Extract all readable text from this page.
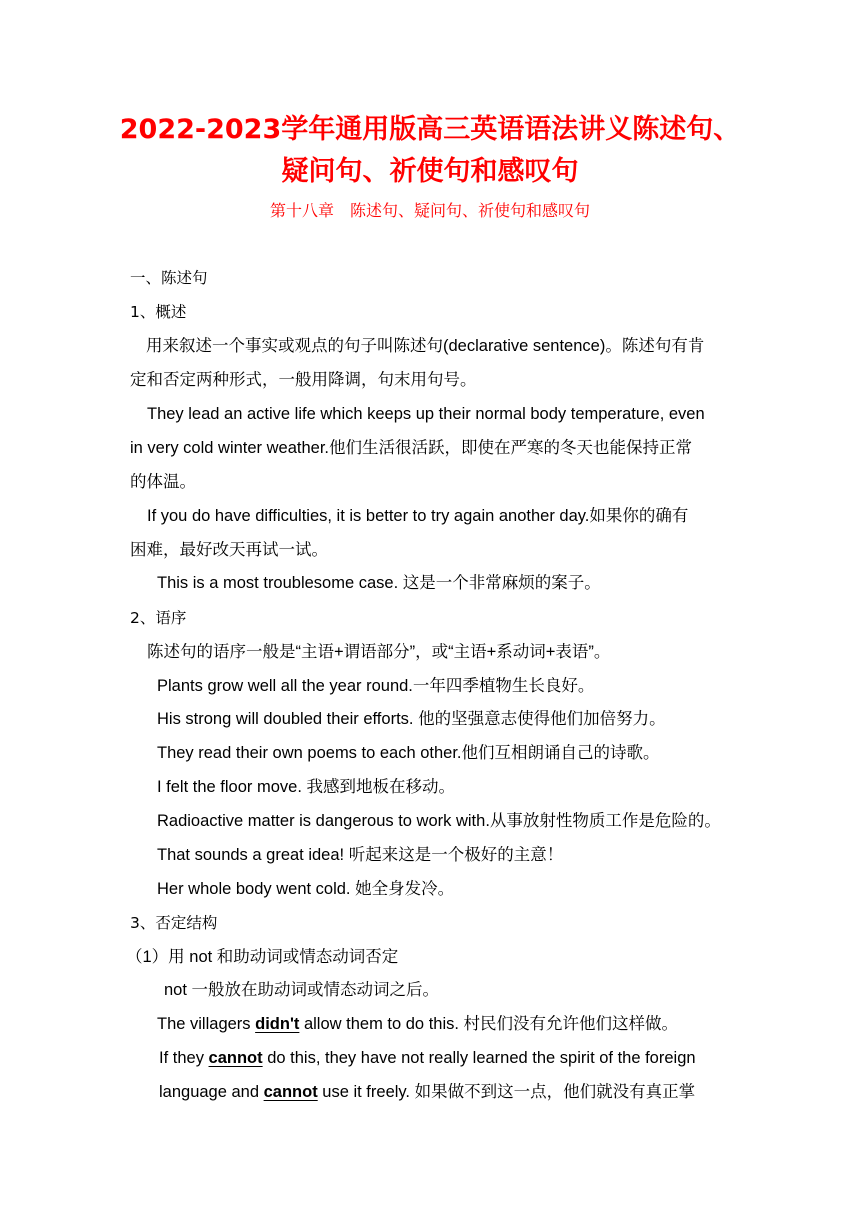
2022-2023学年通用版高三英语语法讲义陈述句、
疑问句、祈使句和感叹句
第十八章　陈述句、疑问句、祈使句和感叹句
一、陈述句
1、概述
用来叙述一个事实或观点的句子叫陈述句(declarative sentence)。陈述句有肯
定和否定两种形式，一般用降调，句末用句号。
They lead an active life which keeps up their normal body temperature, even
in very cold winter weather.他们生活很活跃，即使在严寒的冬天也能保持正常
的体温。
If you do have difficulties, it is better to try again another day.如果你的确有
困难，最好改天再试一试。
This is a most troublesome case. 这是一个非常麻烦的案子。
2、语序
陈述句的语序一般是“主语+谓语部分”，或“主语+系动词+表语”。
Plants grow well all the year round.一年四季植物生长良好。
His strong will doubled their efforts. 他的坚强意志使得他们加倍努力。
They read their own poems to each other.他们互相朗诵自己的诗歌。
I felt the floor move. 我感到地板在移动。
Radioactive matter is dangerous to work with.从事放射性物质工作是危险的。
That sounds a great idea! 听起来这是一个极好的主意！
Her whole body went cold. 她全身发冷。
3、否定结构
（1）用 not 和助动词或情态动词否定
not 一般放在助动词或情态动词之后。
The villagers didn't allow them to do this. 村民们没有允许他们这样做。
If they cannot do this, they have not really learned the spirit of the foreign
language and cannot use it freely. 如果做不到这一点，他们就没有真正掌
